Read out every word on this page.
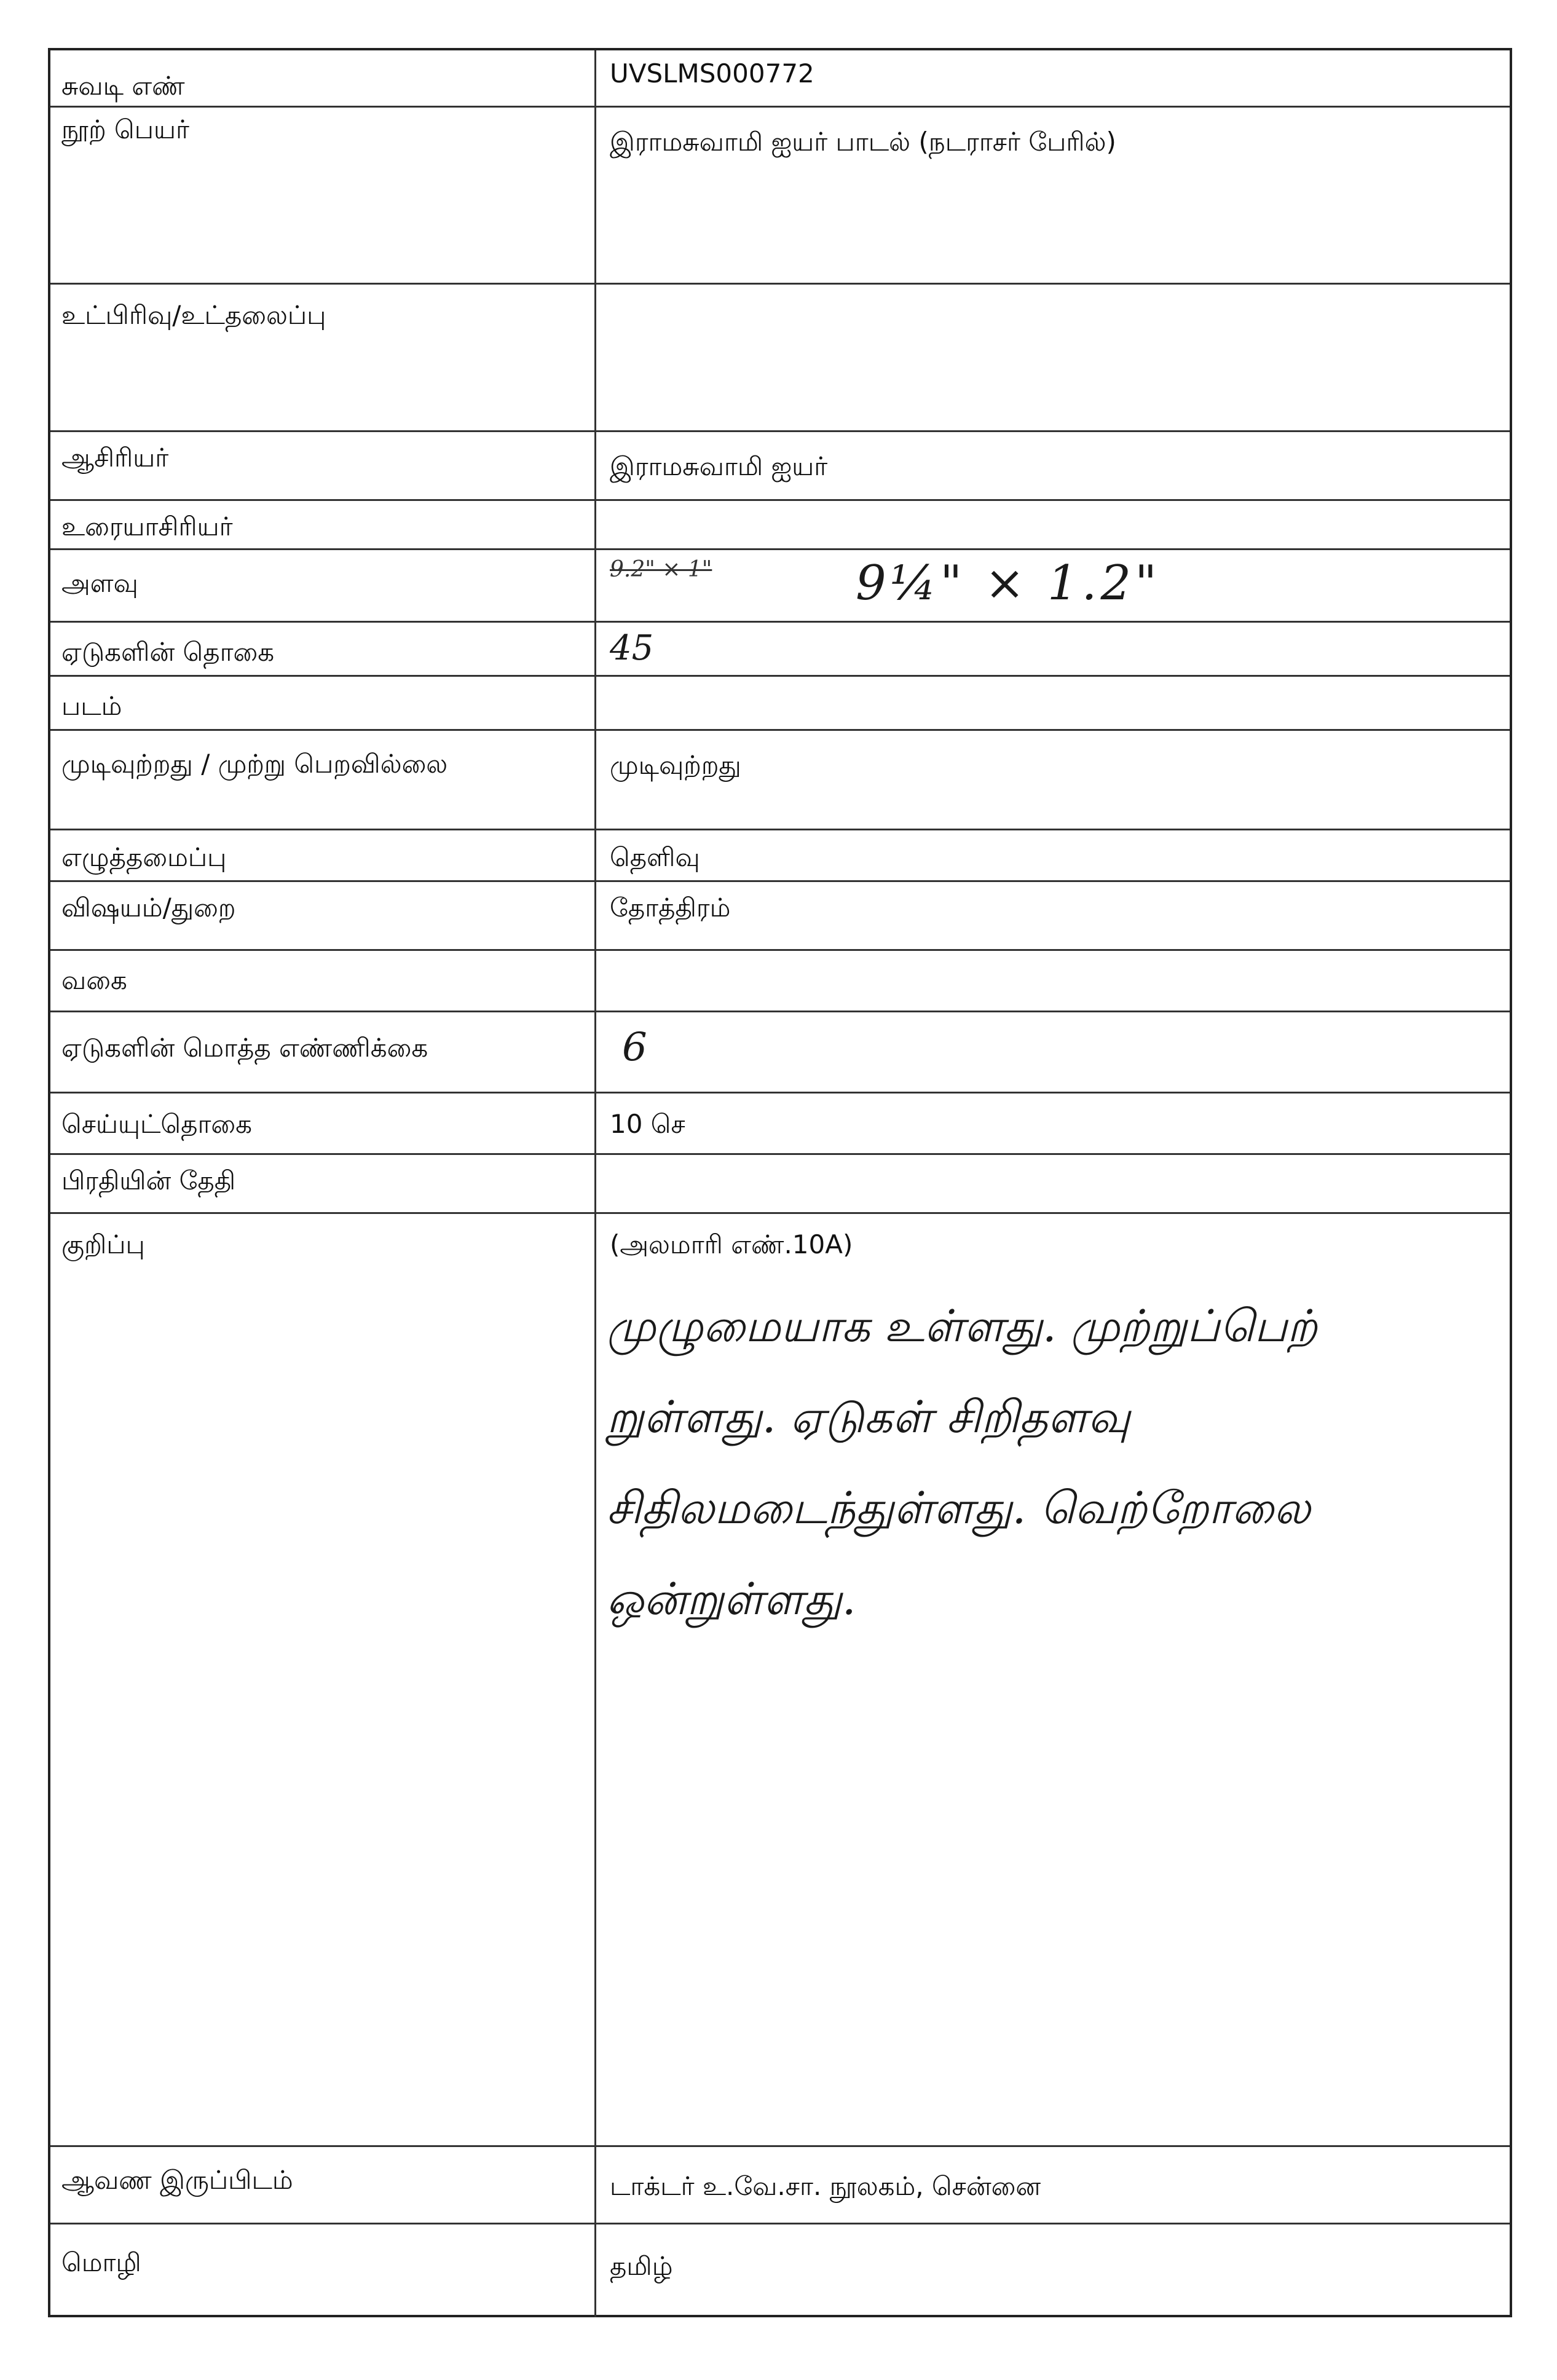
சுவடி எண்	UVSLMS000772
நூற் பெயர்	இராமசுவாமி ஐயர் பாடல் (நடராசர் பேரில்)
உட்பிரிவு/உட்தலைப்பு
ஆசிரியர்	இராமசுவாமி ஐயர்
உரையாசிரியர்
அளவு	9.2" × 1"	9¼" × 1.2"
ஏடுகளின் தொகை	45
படம்
முடிவுற்றது / முற்று பெறவில்லை	முடிவுற்றது
எழுத்தமைப்பு	தெளிவு
விஷயம்/துறை	தோத்திரம்
வகை
ஏடுகளின் மொத்த எண்ணிக்கை	6
செய்யுட்தொகை	10 செ
பிரதியின் தேதி
குறிப்பு	(அலமாரி எண்.10A)
முழுமையாக உள்ளது. முற்றுப்பெற்
றுள்ளது. ஏடுகள் சிறிதளவு
சிதிலமடைந்துள்ளது. வெற்றோலை
ஒன்றுள்ளது.
ஆவண இருப்பிடம்	டாக்டர் உ.வே.சா. நூலகம், சென்னை
மொழி	தமிழ்
